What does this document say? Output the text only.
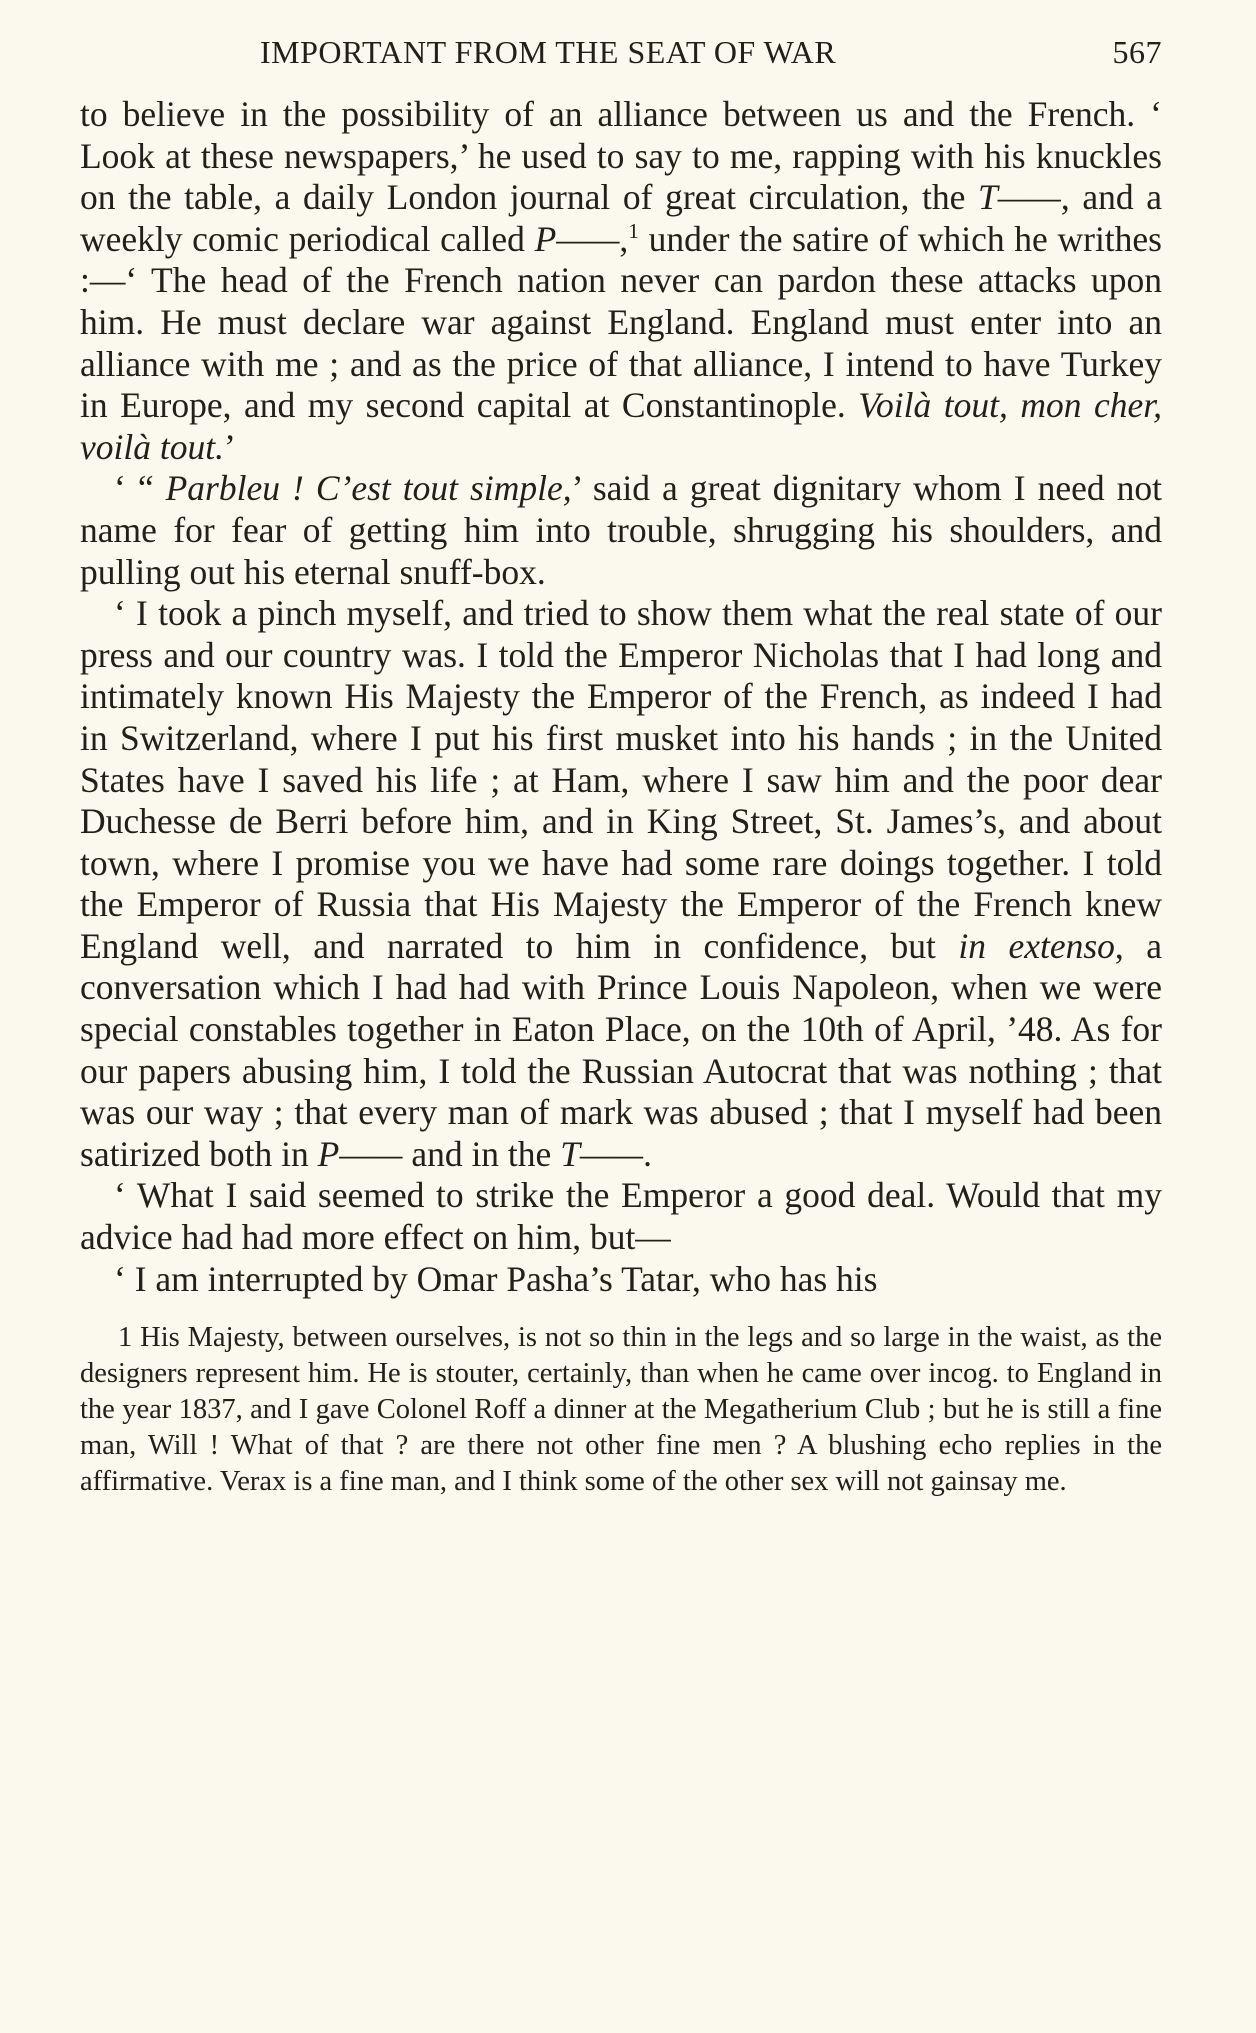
IMPORTANT FROM THE SEAT OF WAR	567

to believe in the possibility of an alliance between us and the French. ‘ Look at these newspapers,’ he used to say to me, rapping with his knuckles on the table, a daily London journal of great circulation, the T——, and a weekly comic periodical called P——,$^1$ under the satire of which he writhes :—‘ The head of the French nation never can pardon these attacks upon him. He must declare war against England. England must enter into an alliance with me ; and as the price of that alliance, I intend to have Turkey in Europe, and my second capital at Constantinople. Voilà tout, mon cher, voilà tout.’

‘ “ Parbleu ! C’est tout simple,’ said a great dignitary whom I need not name for fear of getting him into trouble, shrugging his shoulders, and pulling out his eternal snuff-box.

‘ I took a pinch myself, and tried to show them what the real state of our press and our country was. I told the Emperor Nicholas that I had long and intimately known His Majesty the Emperor of the French, as indeed I had in Switzerland, where I put his first musket into his hands ; in the United States have I saved his life ; at Ham, where I saw him and the poor dear Duchesse de Berri before him, and in King Street, St. James’s, and about town, where I promise you we have had some rare doings together. I told the Emperor of Russia that His Majesty the Emperor of the French knew England well, and narrated to him in confidence, but in extenso, a conversation which I had had with Prince Louis Napoleon, when we were special constables together in Eaton Place, on the 10th of April, ’48. As for our papers abusing him, I told the Russian Autocrat that was nothing ; that was our way ; that every man of mark was abused ; that I myself had been satirized both in P—— and in the T——.

‘ What I said seemed to strike the Emperor a good deal. Would that my advice had had more effect on him, but—

‘ I am interrupted by Omar Pasha’s Tatar, who has his

1 His Majesty, between ourselves, is not so thin in the legs and so large in the waist, as the designers represent him. He is stouter, certainly, than when he came over incog. to England in the year 1837, and I gave Colonel Roff a dinner at the Megatherium Club ; but he is still a fine man, Will ! What of that ? are there not other fine men ? A blushing echo replies in the affirmative. Verax is a fine man, and I think some of the other sex will not gainsay me.
